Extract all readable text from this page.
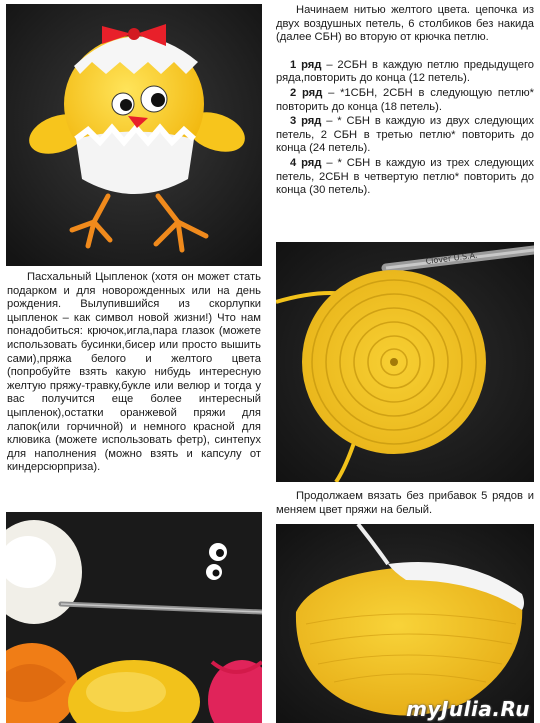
Начинаем нитью желтого цвета. цепочка из двух воздушных петель, 6 столбиков без накида (далее СБН) во вторую от крючка петлю.

1 ряд – 2СБН в каждую петлю предыдущего ряда,повторить до конца (12 петель).

2 ряд – *1СБН, 2СБН в следующую петлю* повторить до конца (18 петель).

3 ряд – * СБН в каждую из двух следующих петель, 2 СБН в третью петлю* повторить до конца (24 петель).

4 ряд – * СБН в каждую из трех следующих петель, 2СБН в четвертую петлю* повторить до конца (30 петель).

Clover U.S.A.

Пасхальный Цыпленок (хотя он может стать подарком и для новорожденных или на день рождения. Вылупившийся из скорлупки цыпленок – как символ новой жизни!) Что нам понадобиться: крючок,игла,пара глазок (можете использовать бусинки,бисер или просто вышить сами),пряжа белого и желтого цвета (попробуйте взять какую нибудь интересную желтую пряжу-травку,букле или велюр и тогда у вас получится еще более интересный цыпленок),остатки оранжевой пряжи для лапок(или горчичной) и немного красной для клювика (можете использовать фетр), синтепух для наполнения (можно взять и капсулу от киндерсюрприза).

Продолжаем вязать без прибавок 5 рядов и меняем цвет пряжи на белый.

myJulia.Ru
